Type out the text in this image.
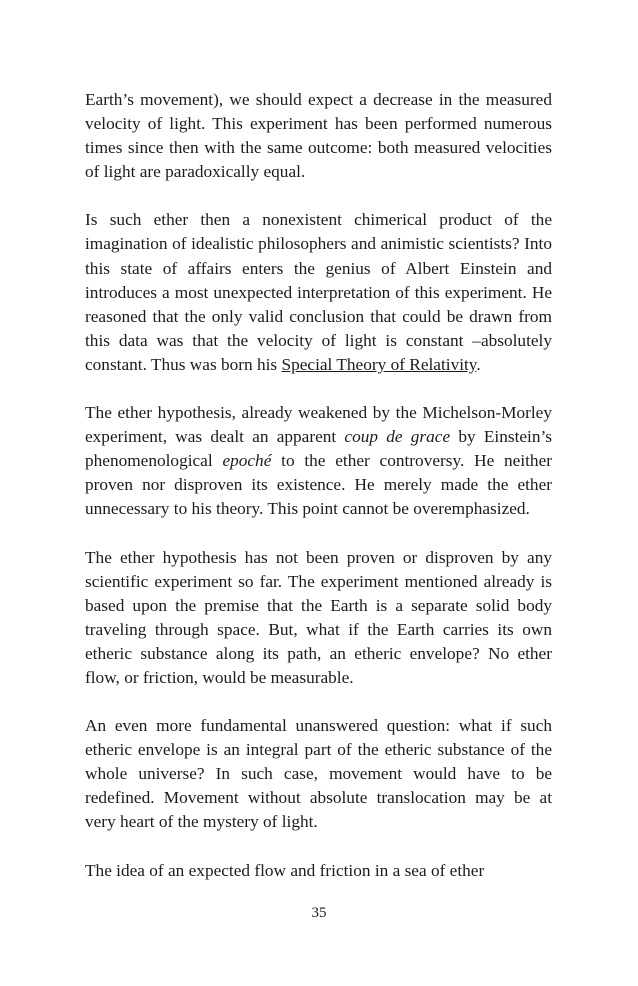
Earth’s movement), we should expect a decrease in the measured velocity of light. This experiment has been performed numerous times since then with the same outcome: both measured velocities of light are paradoxically equal.

Is such ether then a nonexistent chimerical product of the imagination of idealistic philosophers and animistic scientists? Into this state of affairs enters the genius of Albert Einstein and introduces a most unexpected interpretation of this experiment. He reasoned that the only valid conclusion that could be drawn from this data was that the velocity of light is constant –absolutely constant. Thus was born his Special Theory of Relativity.

The ether hypothesis, already weakened by the Michelson-Morley experiment, was dealt an apparent coup de grace by Einstein’s phenomenological epoché to the ether controversy. He neither proven nor disproven its existence. He merely made the ether unnecessary to his theory. This point cannot be overemphasized.

The ether hypothesis has not been proven or disproven by any scientific experiment so far. The experiment mentioned already is based upon the premise that the Earth is a separate solid body traveling through space. But, what if the Earth carries its own etheric substance along its path, an etheric envelope? No ether flow, or friction, would be measurable.

An even more fundamental unanswered question: what if such etheric envelope is an integral part of the etheric substance of the whole universe? In such case, movement would have to be redefined. Movement without absolute translocation may be at very heart of the mystery of light.

The idea of an expected flow and friction in a sea of ether

35
